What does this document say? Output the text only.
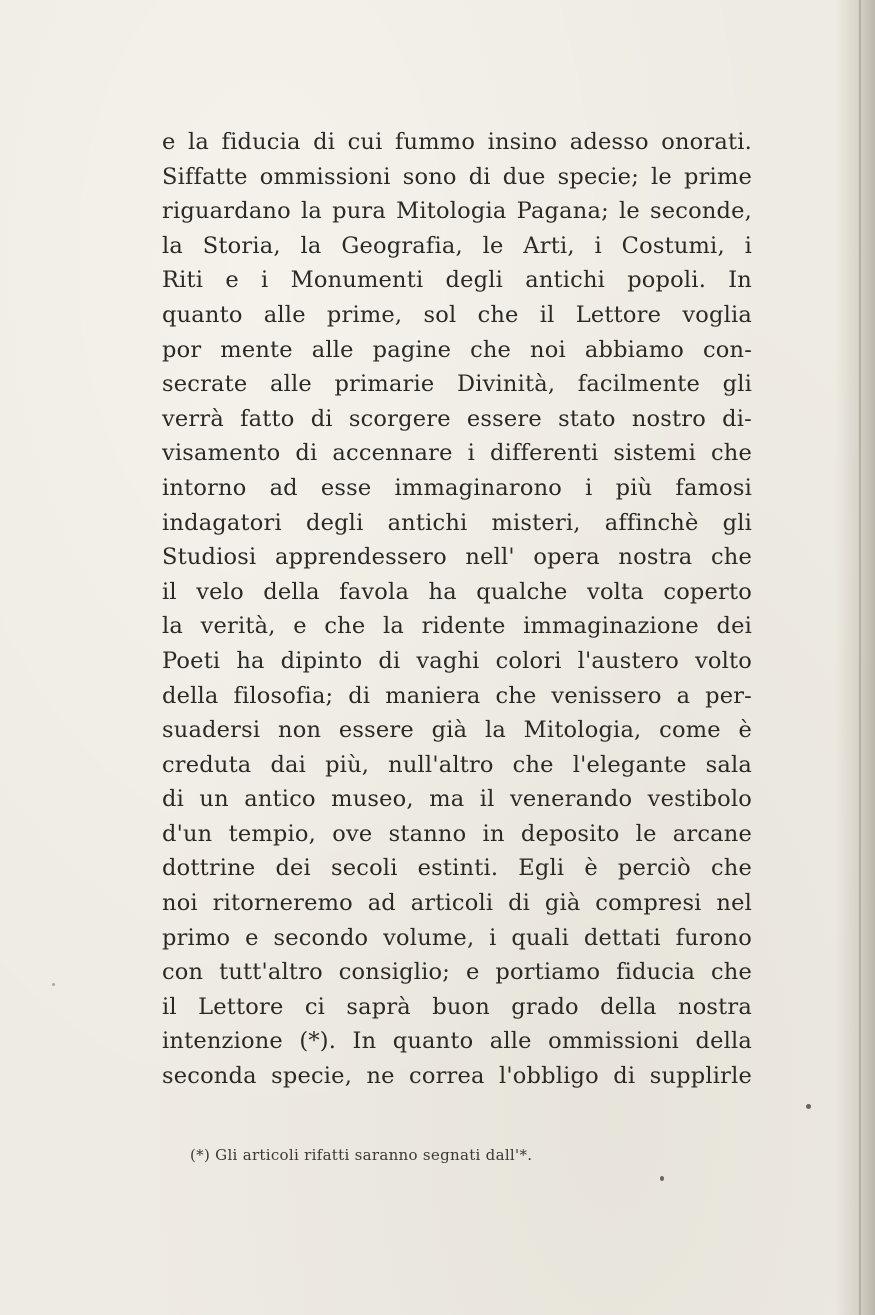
e la fiducia di cui fummo insino adesso onorati.
Siffatte ommissioni sono di due specie; le prime
riguardano la pura Mitologia Pagana; le seconde,
la Storia, la Geografia, le Arti, i Costumi, i
Riti e i Monumenti degli antichi popoli. In
quanto alle prime, sol che il Lettore voglia
por mente alle pagine che noi abbiamo con-
secrate alle primarie Divinità, facilmente gli
verrà fatto di scorgere essere stato nostro di-
visamento di accennare i differenti sistemi che
intorno ad esse immaginarono i più famosi
indagatori degli antichi misteri, affinchè gli
Studiosi apprendessero nell' opera nostra che
il velo della favola ha qualche volta coperto
la verità, e che la ridente immaginazione dei
Poeti ha dipinto di vaghi colori l'austero volto
della filosofia; di maniera che venissero a per-
suadersi non essere già la Mitologia, come è
creduta dai più, null'altro che l'elegante sala
di un antico museo, ma il venerando vestibolo
d'un tempio, ove stanno in deposito le arcane
dottrine dei secoli estinti. Egli è perciò che
noi ritorneremo ad articoli di già compresi nel
primo e secondo volume, i quali dettati furono
con tutt'altro consiglio; e portiamo fiducia che
il Lettore ci saprà buon grado della nostra
intenzione (*). In quanto alle ommissioni della
seconda specie, ne correa l'obbligo di supplirle
(*) Gli articoli rifatti saranno segnati dall'*.
